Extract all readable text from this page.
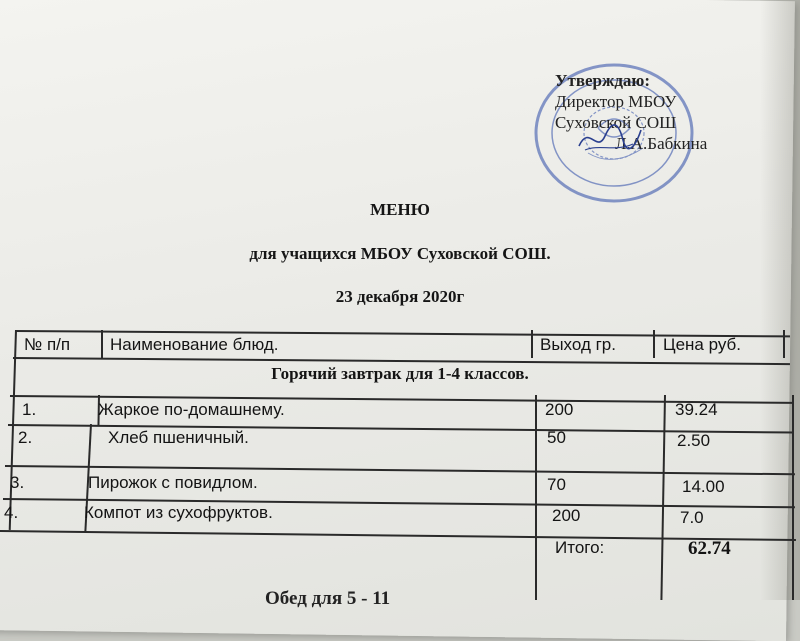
Утверждаю:
Директор МБОУ
Суховской СОШ
Л.А.Бабкина
МЕНЮ
для учащихся МБОУ Суховской СОШ.
23 декабря 2020г
№ п/п Наименование блюд.	Выход гр.	Цена руб.
Горячий завтрак для 1-4 классов.
1.	Жаркое по-домашнему.	200	39.24
2.	Хлеб пшеничный.	50	2.50
3.	Пирожок с повидлом.	70	14.00
4.	Компот из сухофруктов.	200	7.0
Итого:	62.74
Обед для 5 - 11
